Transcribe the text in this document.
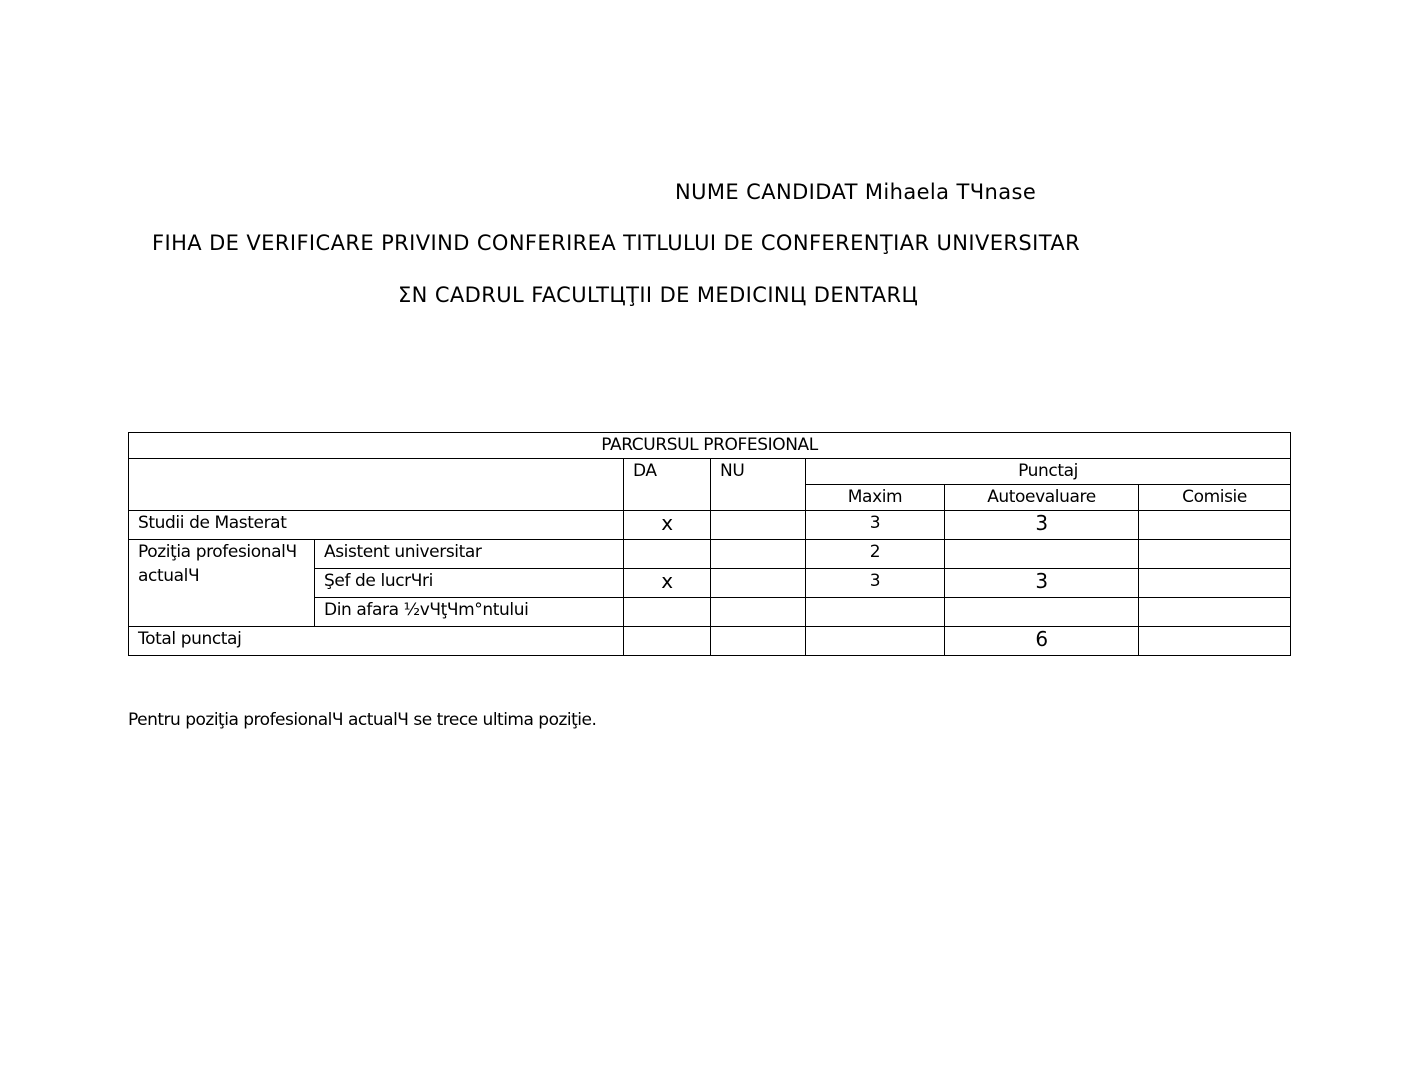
NUME CANDIDAT Mihaela TЧnase
FIHA DE VERIFICARE PRIVIND CONFERIREA TITLULUI DE CONFERENŢIAR UNIVERSITAR
ΣN CADRUL FACULTЦŢII DE MEDICINЦ DENTARЦ
PARCURSUL PROFESIONAL						
		DA	NU	Punctaj		
				Maxim	Autoevaluare	Comisie
Studii de Masterat		x		3	3	
Poziţia profesionalЧ actualЧ	Asistent universitar			2		
	Şef de lucrЧri	x		3	3	
	Din afara ½vЧţЧm°ntului					
Total punctaj					6	
Pentru poziţia profesionalЧ actualЧ se trece ultima poziţie.
